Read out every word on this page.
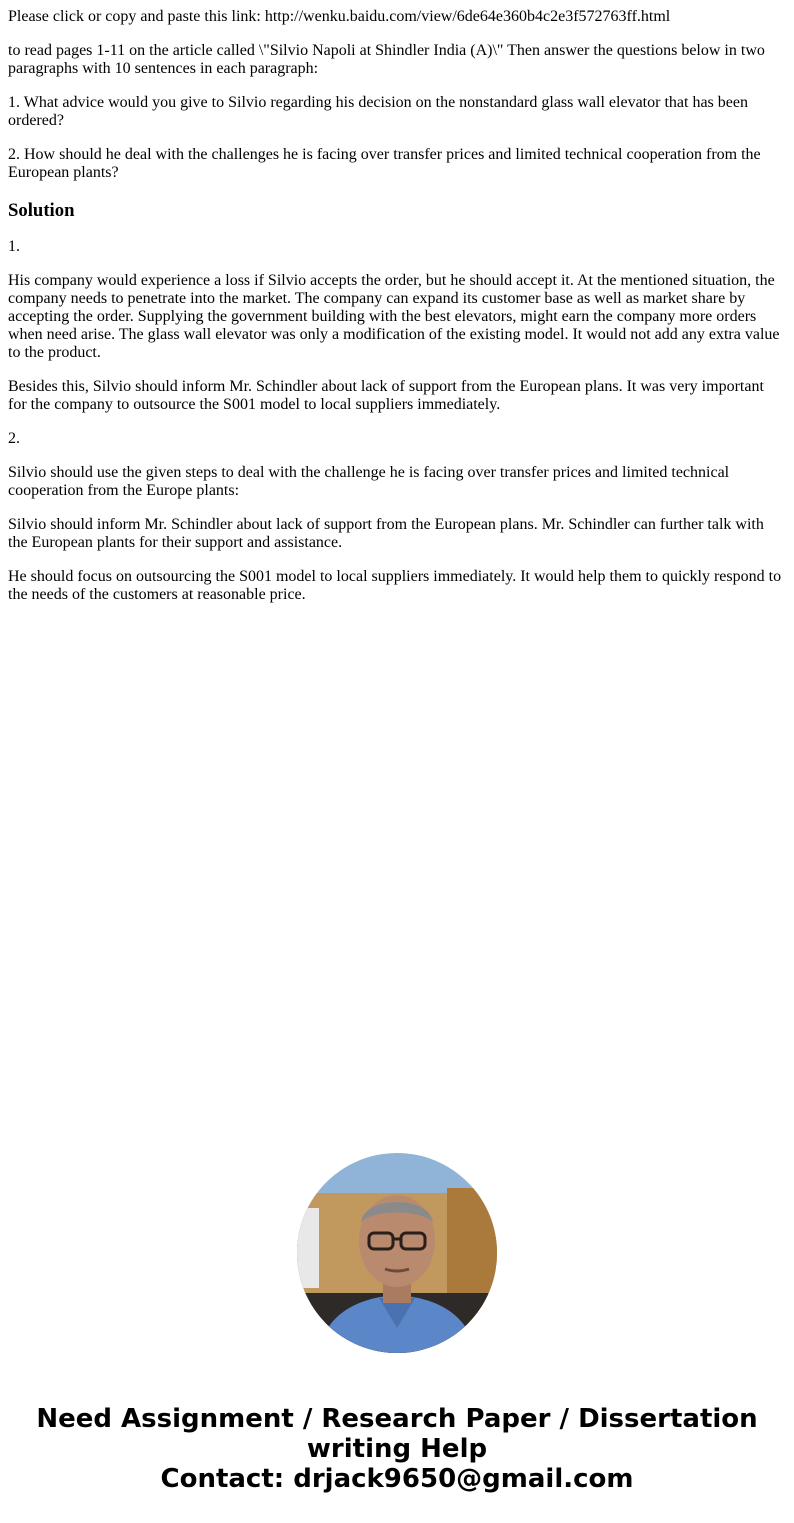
Please click or copy and paste this link: http://wenku.baidu.com/view/6de64e360b4c2e3f572763ff.html

to read pages 1-11 on the article called \"Silvio Napoli at Shindler India (A)\" Then answer the questions below in two paragraphs with 10 sentences in each paragraph:

1. What advice would you give to Silvio regarding his decision on the nonstandard glass wall elevator that has been ordered?

2. How should he deal with the challenges he is facing over transfer prices and limited technical cooperation from the European plants?

Solution

1.

His company would experience a loss if Silvio accepts the order, but he should accept it. At the mentioned situation, the company needs to penetrate into the market. The company can expand its customer base as well as market share by accepting the order. Supplying the government building with the best elevators, might earn the company more orders when need arise. The glass wall elevator was only a modification of the existing model. It would not add any extra value to the product.

Besides this, Silvio should inform Mr. Schindler about lack of support from the European plans. It was very important for the company to outsource the S001 model to local suppliers immediately.

2.

Silvio should use the given steps to deal with the challenge he is facing over transfer prices and limited technical cooperation from the Europe plants:

Silvio should inform Mr. Schindler about lack of support from the European plans. Mr. Schindler can further talk with the European plants for their support and assistance.

He should focus on outsourcing the S001 model to local suppliers immediately. It would help them to quickly respond to the needs of the customers at reasonable price.

Need Assignment / Research Paper / Dissertation
writing Help
Contact: drjack9650@gmail.com
